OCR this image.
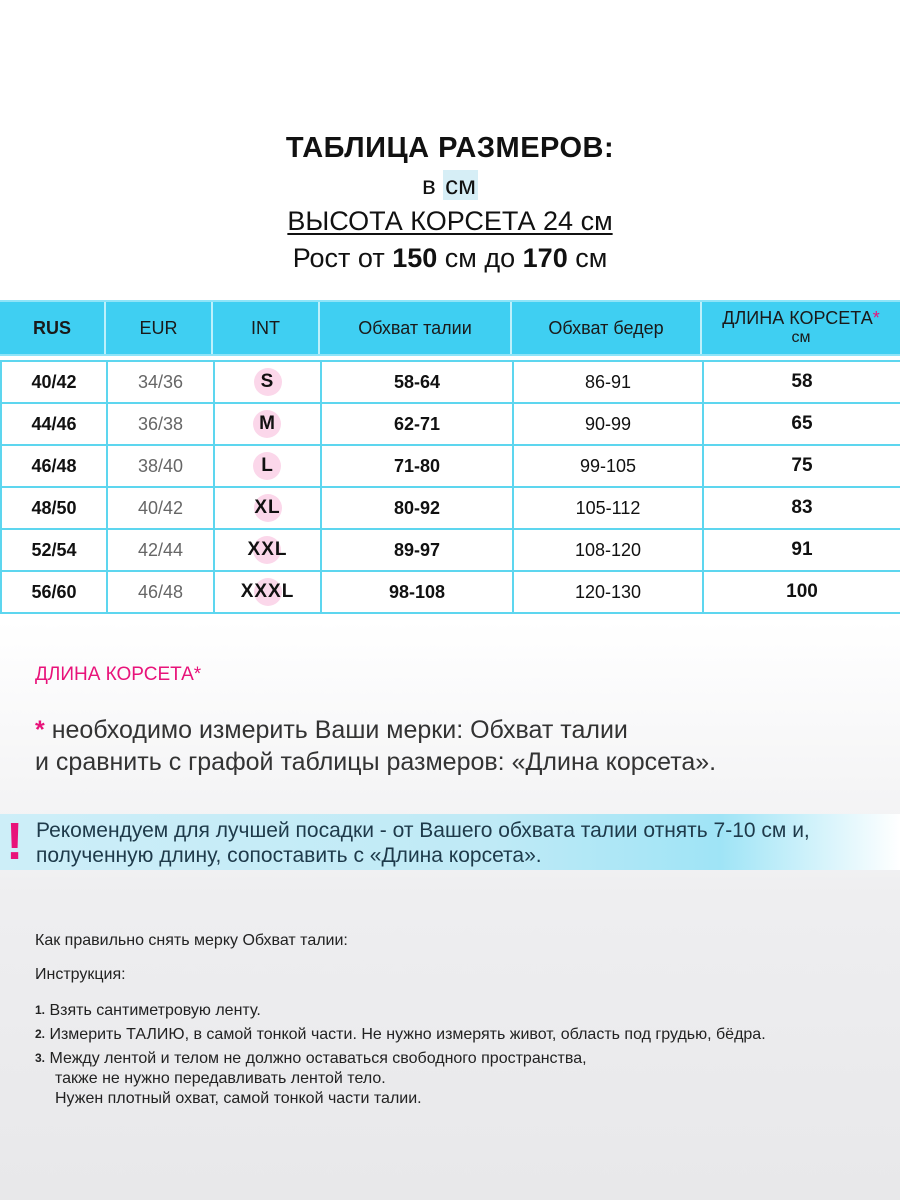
ТАБЛИЦА РАЗМЕРОВ:
в см
ВЫСОТА КОРСЕТА 24 см
Рост от 150 см до 170 см
RUS	EUR	INT	Обхват талии	Обхват бедер	ДЛИНА КОРСЕТА*
см
40/42	34/36	S	58-64	86-91	58
44/46	36/38	M	62-71	90-99	65
46/48	38/40	L	71-80	99-105	75
48/50	40/42	XL	80-92	105-112	83
52/54	42/44	XXL	89-97	108-120	91
56/60	46/48	XXXL	98-108	120-130	100
ДЛИНА КОРСЕТА*
* необходимо измерить Ваши мерки: Обхват талии
и сравнить с графой таблицы размеров: «Длина корсета».
! Рекомендуем для лучшей посадки - от Вашего обхвата талии отнять 7-10 см и,
полученную длину, сопоставить с «Длина корсета».
Как правильно снять мерку Обхват талии:
Инструкция:
1. Взять сантиметровую ленту.
2. Измерить ТАЛИЮ, в самой тонкой части. Не нужно измерять живот, область под грудью, бёдра.
3. Между лентой и телом не должно оставаться свободного пространства,
также не нужно передавливать лентой тело.
Нужен плотный охват, самой тонкой части талии.
